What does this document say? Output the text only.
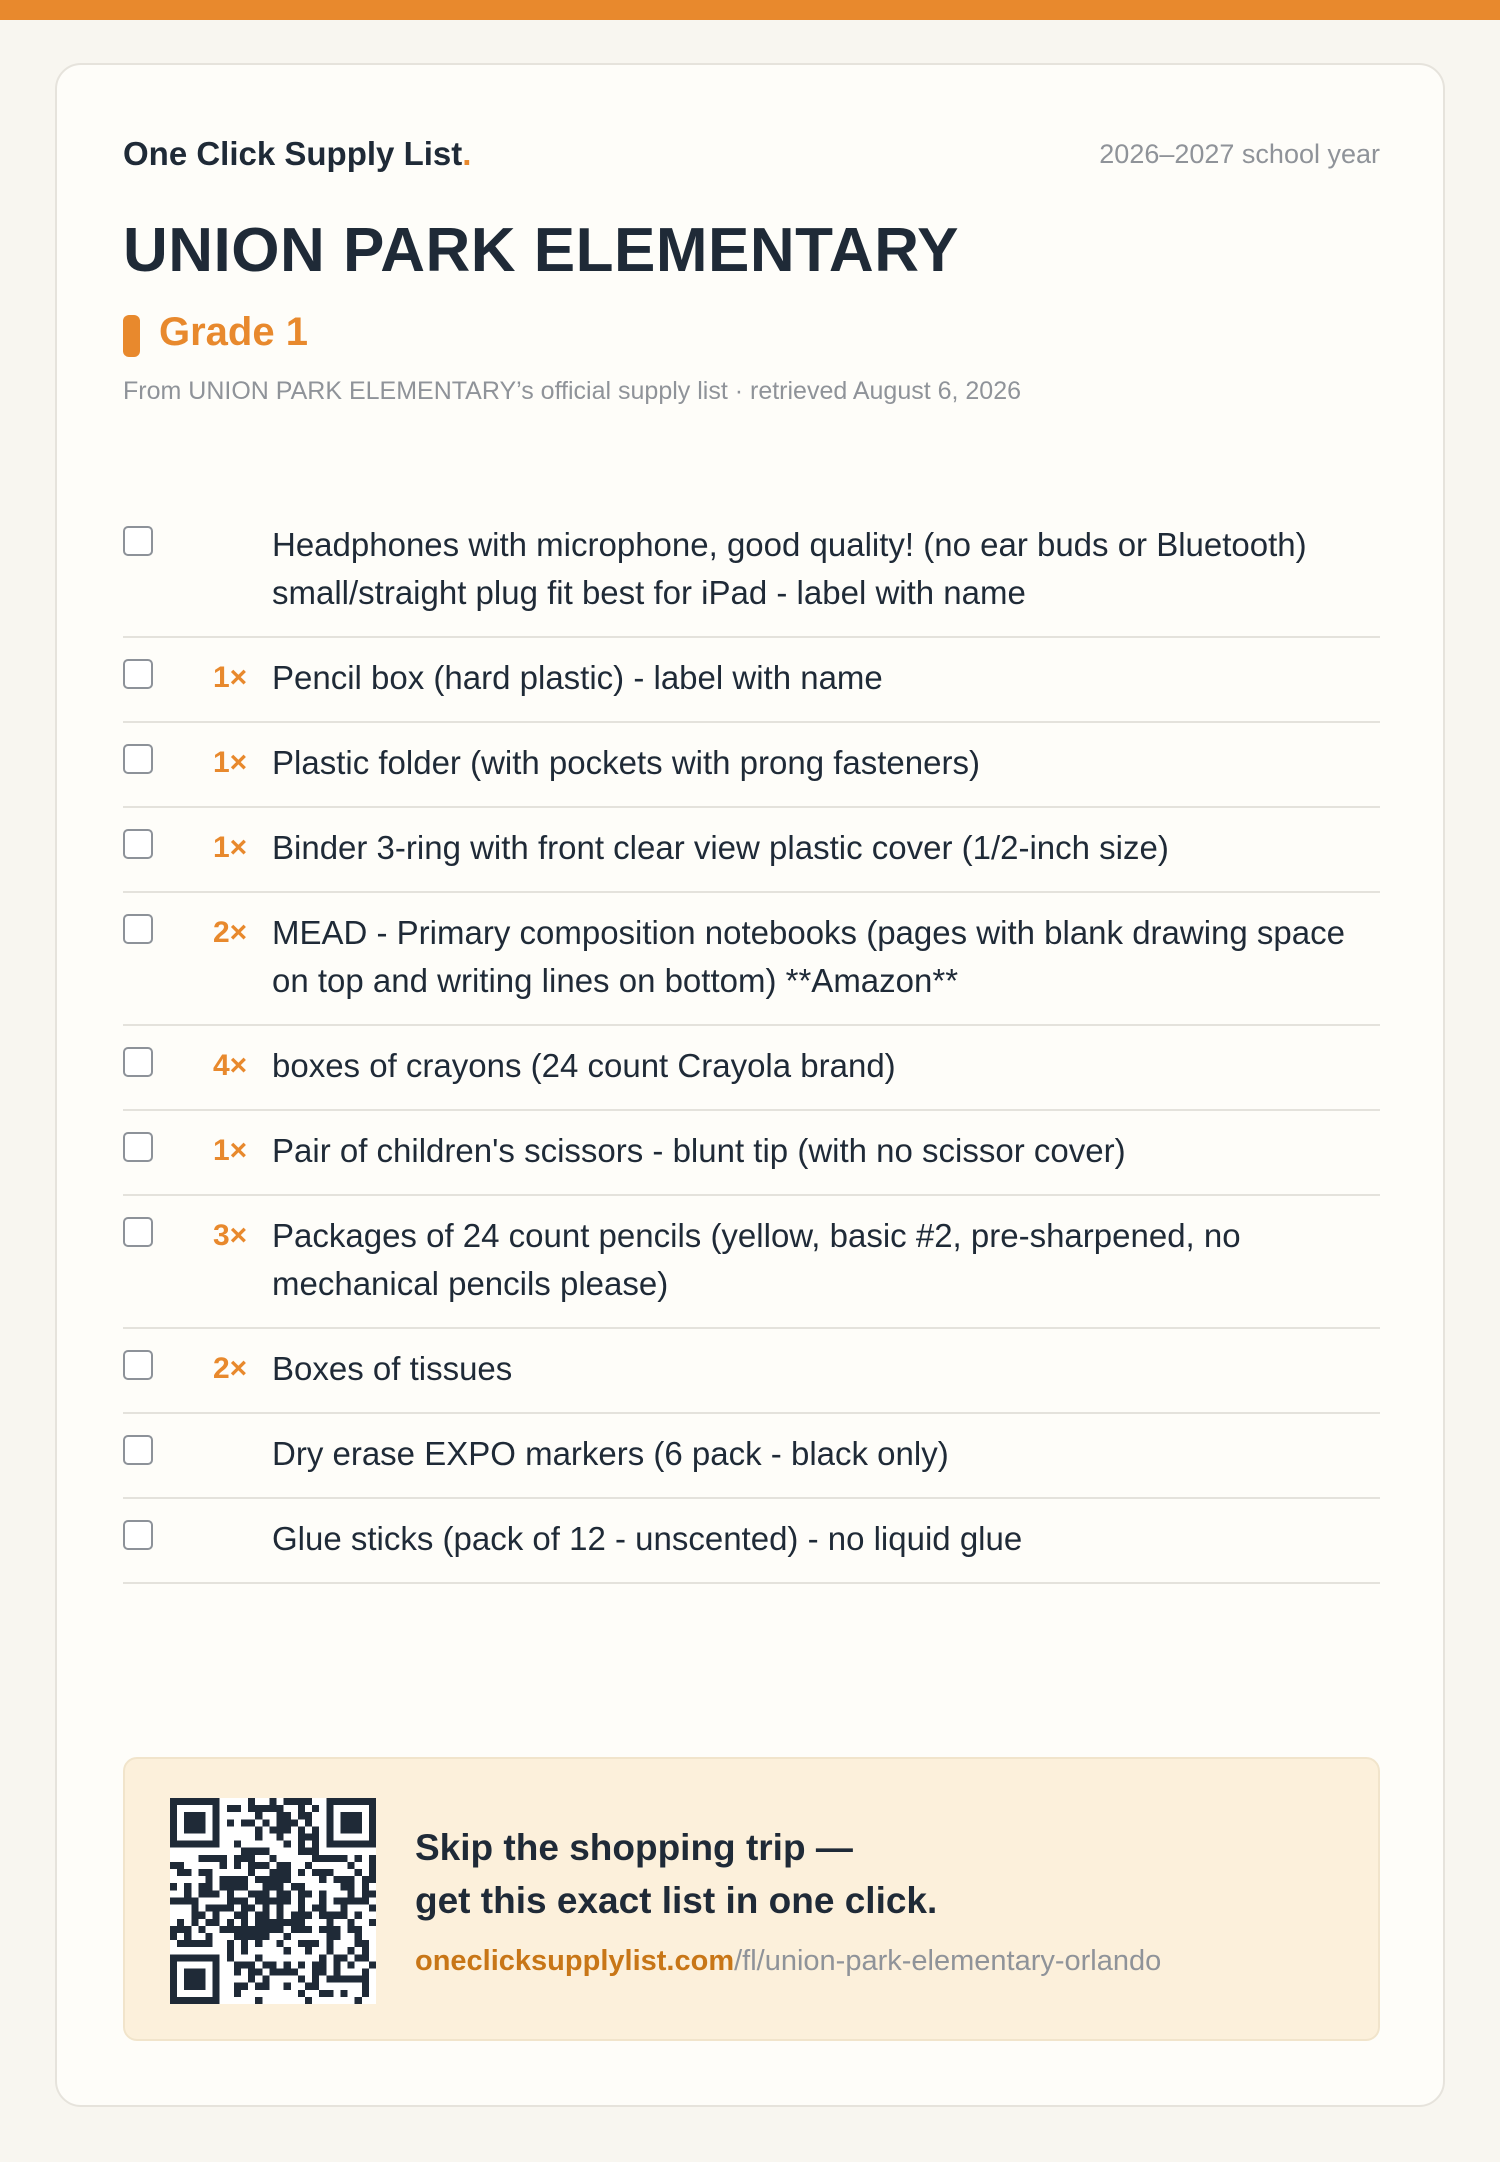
One Click Supply List.	2026–2027 school year
UNION PARK ELEMENTARY
Grade 1
From UNION PARK ELEMENTARY’s official supply list · retrieved August 6, 2026
Headphones with microphone, good quality! (no ear buds or Bluetooth) small/straight plug fit best for iPad - label with name
1× Pencil box (hard plastic) - label with name
1× Plastic folder (with pockets with prong fasteners)
1× Binder 3-ring with front clear view plastic cover (1/2-inch size)
2× MEAD - Primary composition notebooks (pages with blank drawing space on top and writing lines on bottom) **Amazon**
4× boxes of crayons (24 count Crayola brand)
1× Pair of children's scissors - blunt tip (with no scissor cover)
3× Packages of 24 count pencils (yellow, basic #2, pre-sharpened, no mechanical pencils please)
2× Boxes of tissues
Dry erase EXPO markers (6 pack - black only)
Glue sticks (pack of 12 - unscented) - no liquid glue
Skip the shopping trip —
get this exact list in one click.
oneclicksupplylist.com/fl/union-park-elementary-orlando
